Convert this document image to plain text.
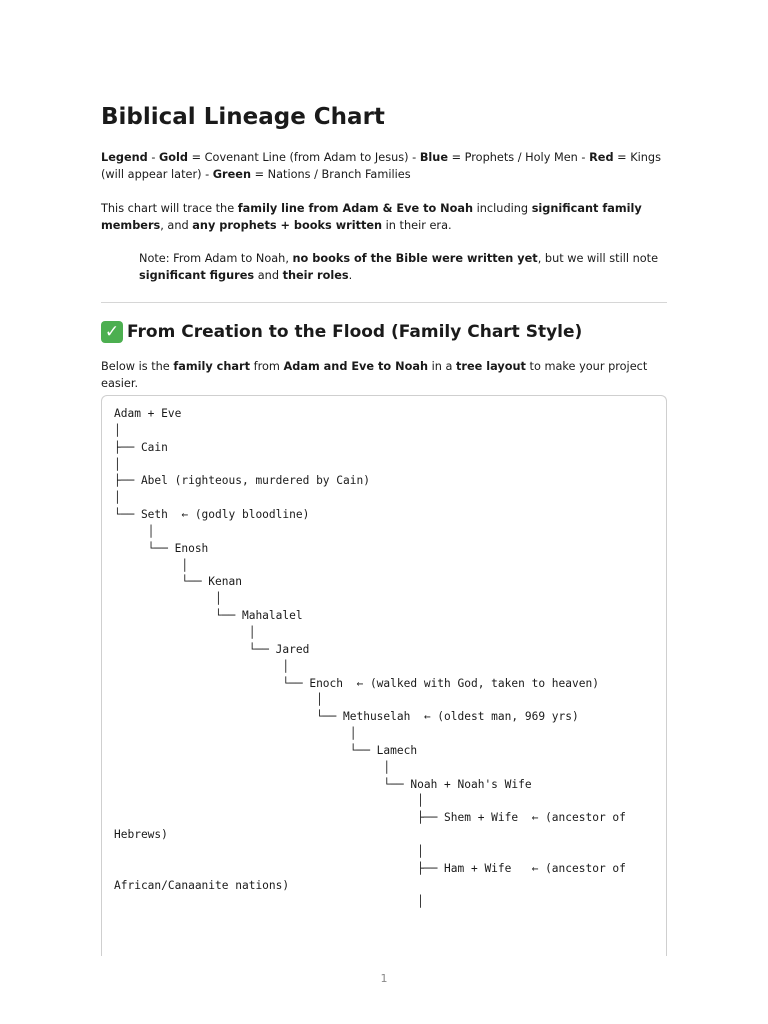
Biblical Lineage Chart

Legend - Gold = Covenant Line (from Adam to Jesus) - Blue = Prophets / Holy Men - Red = Kings (will appear later) - Green = Nations / Branch Families

This chart will trace the family line from Adam & Eve to Noah including significant family members, and any prophets + books written in their era.

Note: From Adam to Noah, no books of the Bible were written yet, but we will still note significant figures and their roles.

✓ From Creation to the Flood (Family Chart Style)

Below is the family chart from Adam and Eve to Noah in a tree layout to make your project easier.

Adam + Eve
│
├── Cain
│
├── Abel (righteous, murdered by Cain)
│
└── Seth  ← (godly bloodline)
│
└── Enosh
│
└── Kenan
│
└── Mahalalel
│
└── Jared
│
└── Enoch  ← (walked with God, taken to heaven)
│
└── Methuselah  ← (oldest man, 969 yrs)
│
└── Lamech
│
└── Noah + Noah's Wife
│
├── Shem + Wife  ← (ancestor of
Hebrews)
│
├── Ham + Wife   ← (ancestor of
African/Canaanite nations)
│
1
